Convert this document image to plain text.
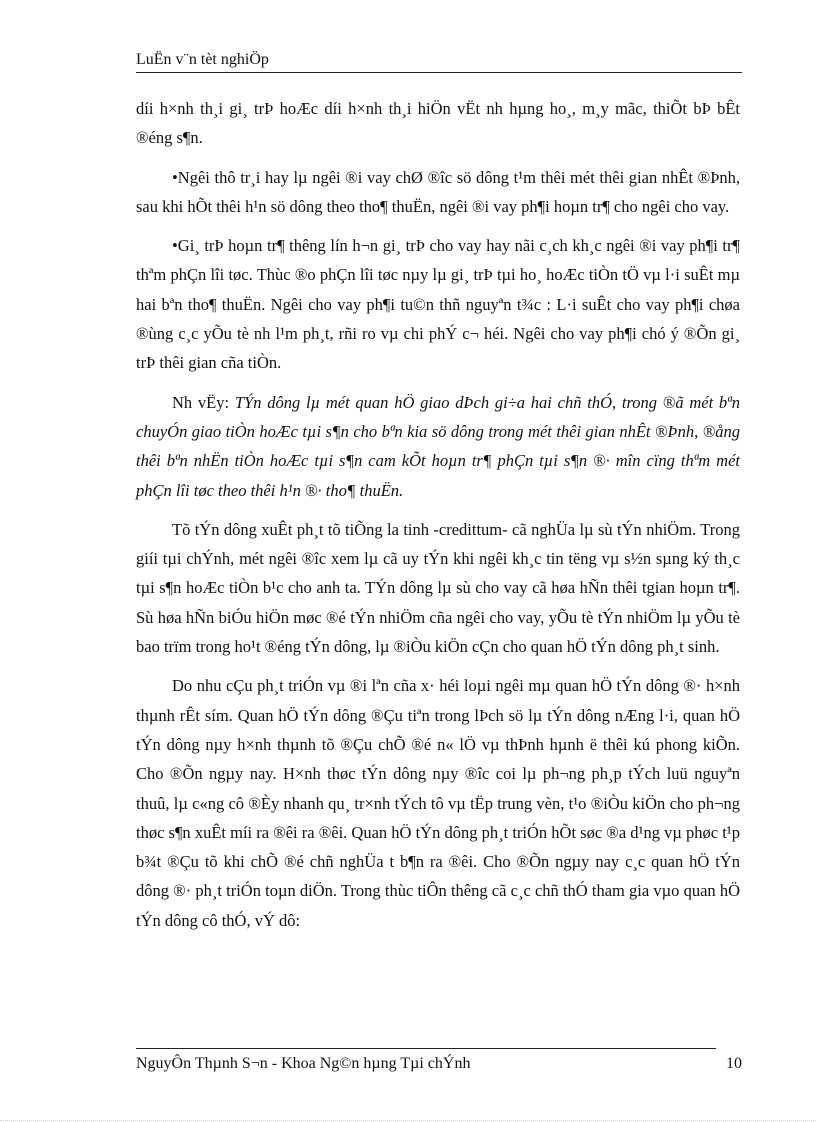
LuËn v¨n tèt nghiÖp

díi h×nh th¸i gi¸ trÞ hoÆc díi h×nh th¸i hiÖn vËt nh hµng ho¸, m¸y mãc, thiÕt bÞ bÊt ®éng s¶n.

•Ngêi thô tr¸i hay lµ ngêi ®i vay chØ ®îc sö dông t¹m thêi mét thêi gian nhÊt ®Þnh, sau khi hÕt thêi h¹n sö dông theo tho¶ thuËn, ngêi ®i vay ph¶i hoµn tr¶ cho ngêi cho vay.

•Gi¸ trÞ hoµn tr¶ thêng lín h¬n gi¸ trÞ cho vay hay nãi c¸ch kh¸c ngêi ®i vay ph¶i tr¶ thªm phÇn lîi tøc. Thùc ®o phÇn lîi tøc nµy lµ gi¸ trÞ tµi ho¸ hoÆc tiÒn tÖ vµ l·i suÊt mµ hai bªn tho¶ thuËn. Ngêi cho vay ph¶i tu©n thñ nguyªn t¾c : L·i suÊt cho vay ph¶i chøa ®ùng c¸c yÕu tè nh l¹m ph¸t, rñi ro vµ chi phÝ c¬ héi. Ngêi cho vay ph¶i chó ý ®Õn gi¸ trÞ thêi gian cña tiÒn.

Nh vËy: TÝn dông lµ mét quan hÖ giao dÞch gi÷a hai chñ thÓ, trong ®ã mét bªn chuyÓn giao tiÒn hoÆc tµi s¶n cho bªn kia sö dông trong mét thêi gian nhÊt ®Þnh, ®ång thêi bªn nhËn tiÒn hoÆc tµi s¶n cam kÕt hoµn tr¶ phÇn tµi s¶n ®· mîn cïng thªm mét phÇn lîi tøc theo thêi h¹n ®· tho¶ thuËn.

Tõ tÝn dông xuÊt ph¸t tõ tiÕng la tinh -credittum- cã nghÜa lµ sù tÝn nhiÖm. Trong giíi tµi chÝnh, mét ngêi ®îc xem lµ cã uy tÝn khi ngêi kh¸c tin tëng vµ s½n sµng ký th¸c tµi s¶n hoÆc tiÒn b¹c cho anh ta. TÝn dông lµ sù cho vay cã høa hÑn thêi tgian hoµn tr¶. Sù høa hÑn biÓu hiÖn møc ®é tÝn nhiÖm cña ngêi cho vay, yÕu tè tÝn nhiÖm lµ yÕu tè bao trïm trong ho¹t ®éng tÝn dông, lµ ®iÒu kiÖn cÇn cho quan hÖ tÝn dông ph¸t sinh.

Do nhu cÇu ph¸t triÓn vµ ®i lªn cña x· héi loµi ngêi mµ quan hÖ tÝn dông ®· h×nh thµnh rÊt sím. Quan hÖ tÝn dông ®Çu tiªn trong lÞch sö lµ tÝn dông nÆng l·i, quan hÖ tÝn dông nµy h×nh thµnh tõ ®Çu chÕ ®é n« lÖ vµ thÞnh hµnh ë thêi kú phong kiÕn. Cho ®Õn ngµy nay. H×nh thøc tÝn dông nµy ®îc coi lµ ph¬ng ph¸p tÝch luü nguyªn thuû, lµ c«ng cô ®Èy nhanh qu¸ tr×nh tÝch tô vµ tËp trung vèn, t¹o ®iÒu kiÖn cho ph¬ng thøc s¶n xuÊt míi ra ®êi ra ®êi. Quan hÖ tÝn dông ph¸t triÓn hÕt søc ®a d¹ng vµ phøc t¹p b¾t ®Çu tõ khi chÕ ®é chñ nghÜa t b¶n ra ®êi. Cho ®Õn ngµy nay c¸c quan hÖ tÝn dông ®· ph¸t triÓn toµn diÖn. Trong thùc tiÔn thêng cã c¸c chñ thÓ tham gia vµo quan hÖ tÝn dông cô thÓ, vÝ dô:

NguyÔn Thµnh S¬n - Khoa Ng©n hµng Tµi chÝnh	10
